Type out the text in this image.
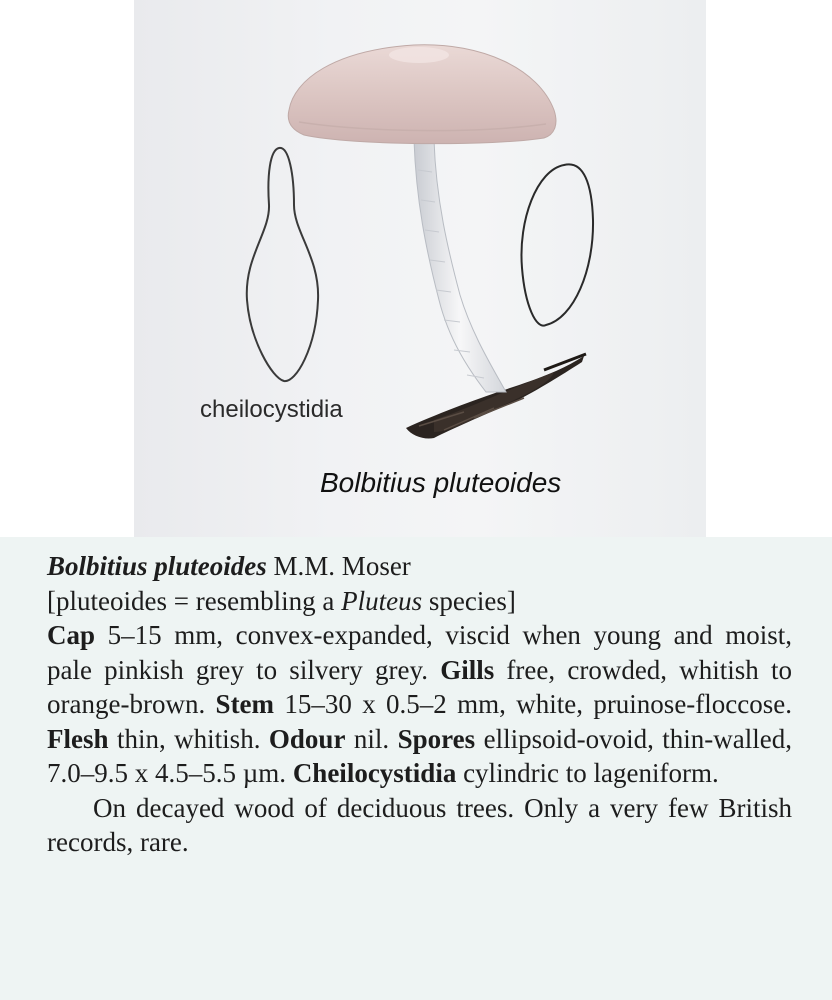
cheilocystidia
Bolbitius pluteoides

Bolbitius pluteoides M.M. Moser

[pluteoides = resembling a Pluteus species]

Cap 5–15 mm, convex-expanded, viscid when young and moist, pale pinkish grey to silvery grey. Gills free, crowded, whitish to orange-brown. Stem 15–30 x 0.5–2 mm, white, pruinose-floccose. Flesh thin, whitish. Odour nil. Spores ellipsoid-ovoid, thin-walled, 7.0–9.5 x 4.5–5.5 µm. Cheilocystidia cylindric to lageniform.

On decayed wood of deciduous trees. Only a very few British records, rare.
